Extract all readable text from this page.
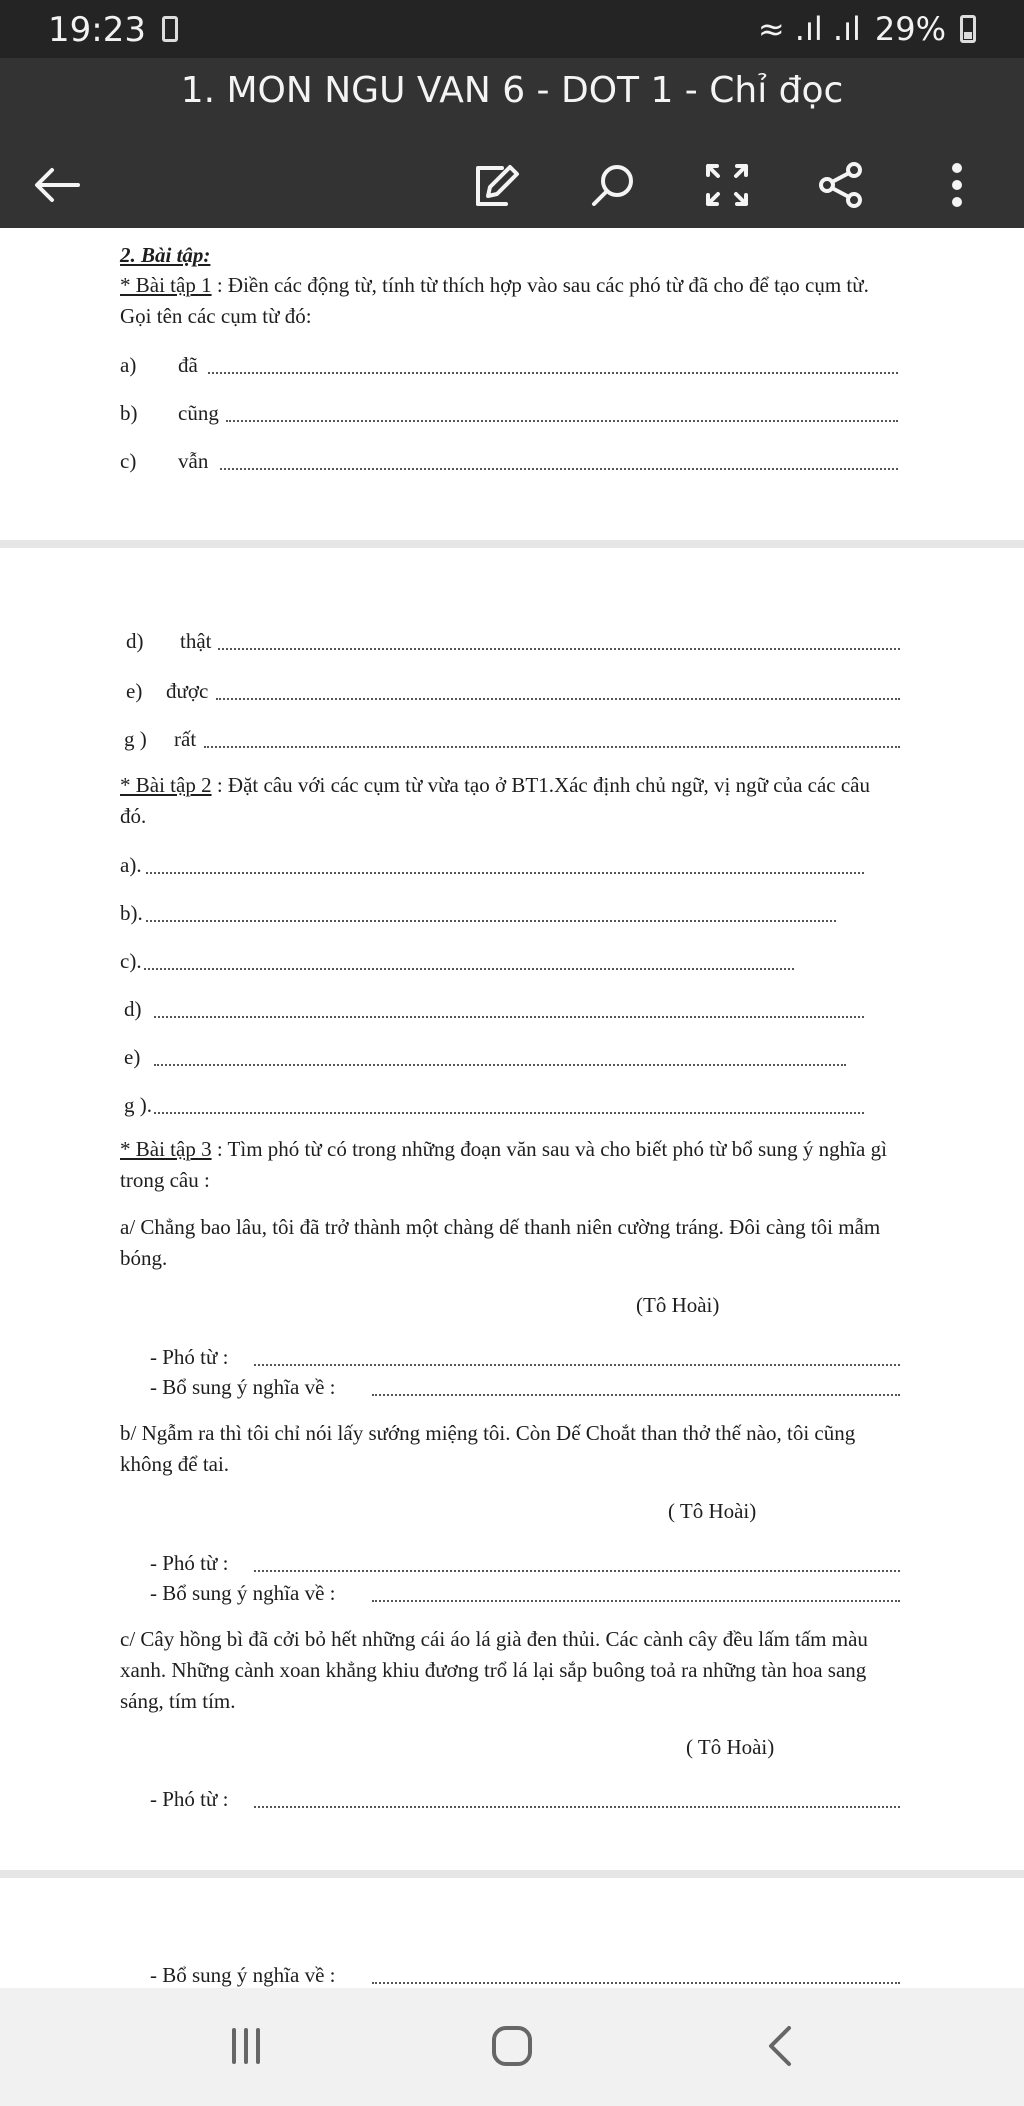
19:23	≈ .ıl .ıl 29%
1. MON NGU VAN 6 - DOT 1 - Chỉ đọc
2. Bài tập:
* Bài tập 1 : Điền các động từ, tính từ thích hợp vào sau các phó từ đã cho để tạo cụm từ. Gọi tên các cụm từ đó:
a) đã
b) cũng
c) vẫn
d) thật
e) được
g ) rất
* Bài tập 2 : Đặt câu với các cụm từ vừa tạo ở BT1.Xác định chủ ngữ, vị ngữ của các câu đó.
a).
b).
c).
d)
e)
g ).
* Bài tập 3 : Tìm phó từ có trong những đoạn văn sau và cho biết phó từ bổ sung ý nghĩa gì trong câu :
a/ Chẳng bao lâu, tôi đã trở thành một chàng dế thanh niên cường tráng. Đôi càng tôi mẫm bóng.
(Tô Hoài)
- Phó từ :
- Bổ sung ý nghĩa về :
b/ Ngẫm ra thì tôi chỉ nói lấy sướng miệng tôi. Còn Dế Choắt than thở thế nào, tôi cũng không để tai.
( Tô Hoài)
- Phó từ :
- Bổ sung ý nghĩa về :
c/ Cây hồng bì đã cởi bỏ hết những cái áo lá già đen thủi. Các cành cây đều lấm tấm màu xanh. Những cành xoan khẳng khiu đương trổ lá lại sắp buông toả ra những tàn hoa sang sáng, tím tím.
( Tô Hoài)
- Phó từ :
- Bổ sung ý nghĩa về :
